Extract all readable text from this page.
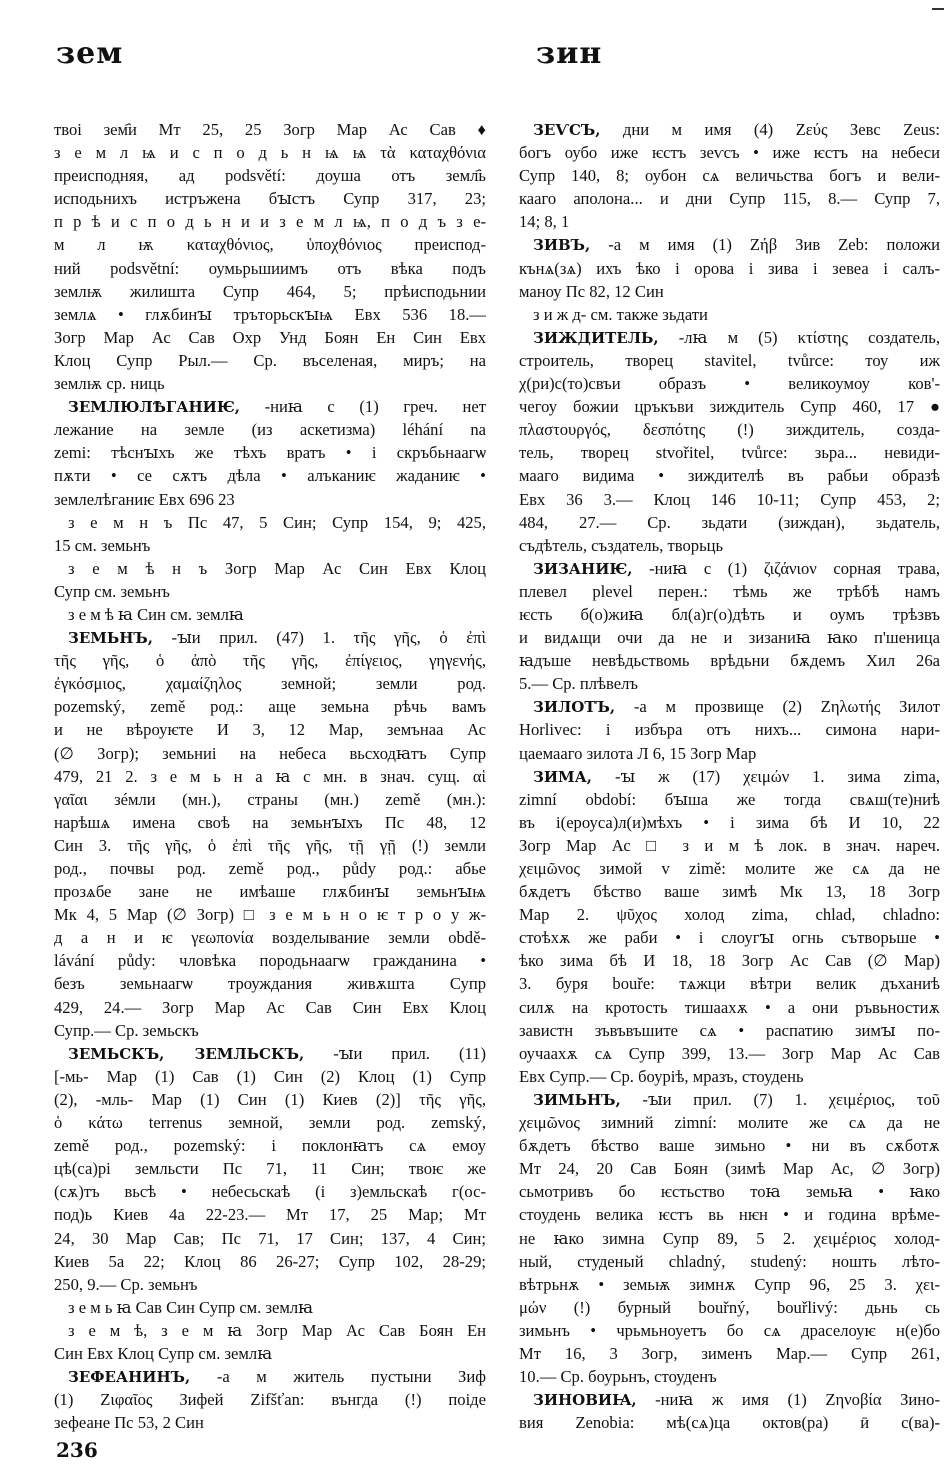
зем	зин
твоі зем҄и Мт 25, 25 Зогр Мар Ас Сав ♦
з е м л ѩ и с п о д ь н ѩ ѩ τὰ καταχθόνια
преисподняя, ад podsvětí: доуша отъ земл҄ь
исподьнихъ истръжена бꙑстъ Супр 317, 23;
п р ѣ и с п о д ь н и и з е м л ѩ, п о д ъ з е-
м л ѭ καταχθόνιος, ὑποχθόνιος преиспод-
ний podsvětní: оумьрьшиимъ отъ вѣка подъ
землѭ жилишта Супр 464, 5; прѣисподьнии
землѧ • глѫбинꙑ тръторьскꙑѩ Евх 536 18.—
Зогр Мар Ас Сав Охр Унд Боян Ен Син Евх
Клоц Супр Рыл.— Ср. въселеная, миръ; на
землѭ ср. ниць
ЗЕМЛЮЛѢГАНИѤ, -ниꙗ с (1) греч. нет
лежание на земле (из аскетизма) léhání na
zemi: тѣснꙑхъ же тѣхъ вратъ • і скръбьнаагѡ
пѫти • се сѫтъ дѣла • алъканиѥ жаданиѥ •
землелѣганиѥ Евх 696 23
з е м н ъ Пс 47, 5 Син; Супр 154, 9; 425,
15 см. земьнъ
з е м ѣ н ъ Зогр Мар Ас Син Евх Клоц
Супр см. земьнъ
з е м ѣ ꙗ Син см. землꙗ
ЗЕМЬНЪ, -ꙑи прил. (47) 1. τῆς γῆς, ὁ ἐπὶ
τῆς γῆς, ὁ ἀπὸ τῆς γῆς, ἐπίγειος, γηγενής,
ἐγκόσμιος, χαμαίζηλος земной; земли род.
pozemský, země род.: аще земьна рѣчь вамъ
и не вѣроуѥте И 3, 12 Мар, земънаа Ас
(∅ Зогр); земьниі на небеса вьсходꙗтъ Супр
479, 21 2. з е м ь н а ꙗ с мн. в знач. сущ. αἱ
γαῖαι зéмли (мн.), страны (мн.) země (мн.):
нарѣшѧ имена своѣ на земьнꙑхъ Пс 48, 12
Син 3. τῆς γῆς, ὁ ἐπὶ τῆς γῆς, τῇ γῇ (!) земли
род., почвы род. země род., půdy род.: абье
прозѧбе зане не имѣаше глѫбинꙑ земьнꙑѩ
Мк 4, 5 Мар (∅ Зогр) □ з е м ь н о ѥ т р о у ж-
д а н и ѥ γεωπονία возделывание земли obdě-
lávání půdy: чловѣка породьнаагѡ гражданина •
безъ земьнаагѡ троуждания живѫшта Супр
429, 24.— Зогр Мар Ас Сав Син Евх Клоц
Супр.— Ср. земьскъ
ЗЕМЬСКЪ, ЗЕМЛЬСКЪ, -ꙑи прил. (11)
[-мь- Мар (1) Сав (1) Син (2) Клоц (1) Супр
(2), -мль- Мар (1) Син (1) Киев (2)] τῆς γῆς,
ὁ κάτω terrenus земной, земли род. zemský,
země род., pozemský: і поклонꙗтъ сѧ емоу
цѣ(са)рі земльсти Пс 71, 11 Син; твоѥ же
(сѫ)тъ вьсѣ • небесьскаѣ (і з)емльскаѣ г(ос-
под)ь Киев 4а 22-23.— Мт 17, 25 Мар; Мт
24, 30 Мар Сав; Пс 71, 17 Син; 137, 4 Син;
Киев 5а 22; Клоц 86 26-27; Супр 102, 28-29;
250, 9.— Ср. земьнъ
з е м ь ꙗ Сав Син Супр см. землꙗ
з е м ѣ, з е м ꙗ Зогр Мар Ас Сав Боян Ен
Син Евх Клоц Супр см. землꙗ
ЗЕФЕАНИНЪ, -а м житель пустыни Зиф
(1) Ζιφαῖος Зифей Zifšťan: вънгда (!) поіде
зефеане Пс 53, 2 Син
ЗЕѴСЪ, дни м имя (4) Ζεύς Зевс Zeus:
богъ оубо иже ѥстъ зеѵсъ • иже ѥстъ на небеси
Супр 140, 8; оубон сѧ величьства богъ и вели-
кааго аполона... и дни Супр 115, 8.— Супр 7,
14; 8, 1
ЗИВЪ, -а м имя (1) Ζήβ Зив Zeb: положи
кънѧ(зѧ) ихъ ѣко і орова і зива і зевеа і салъ-
маноу Пс 82, 12 Син
з и ж д- см. также зьдати
ЗИЖДИТЕЛЬ, -лꙗ м (5) κτίστης создатель,
строитель, творец stavitel, tvůrce: тоу иж
χ(ри)с(то)свъи образъ • великоумоу ков'-
чегоу божии цръкъви зиждитель Супр 460, 17 ●
πλαστουργός, δεσπότης (!) зиждитель, созда-
тель, творец stvořitel, tvůrce: зьра... невиди-
мааго видима • зиждителѣ въ рабьи образѣ
Евх 36 3.— Клоц 146 10-11; Супр 453, 2;
484, 27.— Ср. зьдати (зиждан), зьдатель,
съдѣтель, създатель, творьць
ЗИЗАНИѤ, -ниꙗ с (1) ζιζάνιον сорная трава,
плевел plevel перен.: тѣмь же трѣбѣ намъ
ѥсть б(о)жиꙗ бл(а)г(о)дѣть и оумъ трѣзвъ
и видѧщи очи да не и зизаниꙗ ꙗко п'шеница
ꙗдъше невѣдьствомь врѣдьни бѫдемъ Хил 26а
5.— Ср. плѣвелъ
ЗИЛОТЪ, -а м прозвище (2) Ζηλωτής Зилот
Horlivec: і избъра отъ нихъ... симона нари-
цаемааго зилота Л 6, 15 Зогр Мар
ЗИМА, -ꙑ ж (17) χειμών 1. зима zima,
zimní období: бꙑша же тогда свѧш(те)ниѣ
въ і(ероуса)л(и)мѣхъ • і зима бѣ И 10, 22
Зогр Мар Ас □ з и м ѣ лок. в знач. нареч.
χειμῶνος зимой v zimě: молите же сѧ да не
бѫдетъ бѣство ваше зимѣ Мк 13, 18 Зогр
Мар 2. ψῦχος холод zima, chlad, chladno:
стоѣхѫ же раби • і слоугꙑ огнь сътворьше •
ѣко зима бѣ И 18, 18 Зогр Ас Сав (∅ Мар)
3. буря bouře: тѧжци вѣтри велик дъханиѣ
силѫ на кротость тишаахѫ • а они ръвьностиѫ
завистн зъвъвъшите сѧ • распатию зимꙑ по-
оучаахѫ сѧ Супр 399, 13.— Зогр Мар Ас Сав
Евх Супр.— Ср. боуріѣ, мразъ, стоудень
ЗИМЬНЪ, -ꙑи прил. (7) 1. χειμέριος, τοῦ
χειμῶνος зимний zimní: молите же сѧ да не
бѫдетъ бѣство ваше зимьно • ни въ сѫботѫ
Мт 24, 20 Сав Боян (зимѣ Мар Ас, ∅ Зогр)
сьмотривъ бо ѥстьство тоꙗ земьꙗ • ꙗко
стоудень велика ѥстъ вь нѥн • и година врѣме-
не ꙗко зимна Супр 89, 5 2. χειμέριος холод-
ный, студеный chladný, studený: ношть лѣто-
вѣтрьнѫ • земьѭ зимнѫ Супр 96, 25 3. χει-
μών (!) бурный bouřný, bouřlivý: дьнь сь
зимьнъ • чрьмьноуетъ бо сѧ драселоуѥ н(е)бо
Мт 16, 3 Зогр, зименъ Мар.— Супр 261,
10.— Ср. боурьнъ, стоуденъ
ЗИНОВИꙖ, -ниꙗ ж имя (1) Ζηνοβία Зино-
вия Zenobia: мѣ(сѧ)ца октов(ра) ӣ с(ва)-
236
